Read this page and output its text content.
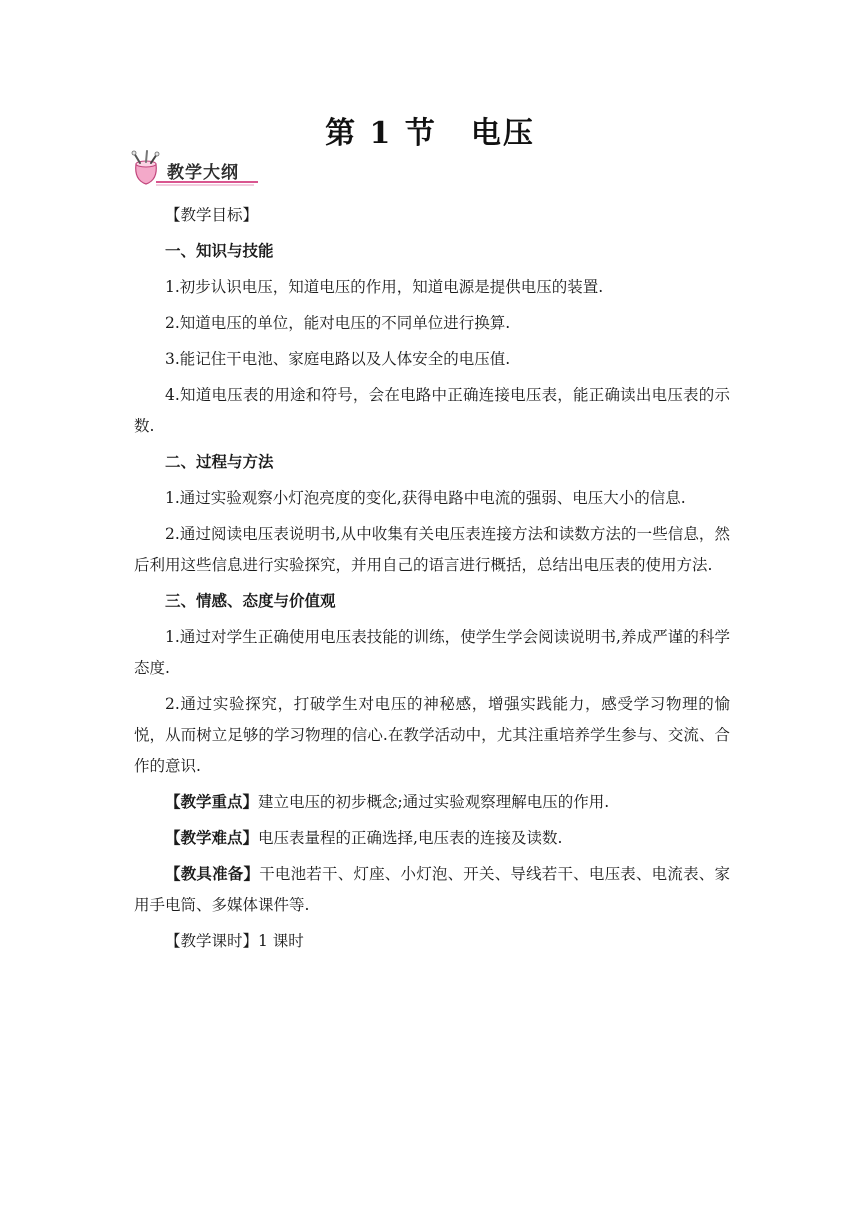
第 1 节 电压
教学大纲

【教学目标】

一、知识与技能

1.初步认识电压，知道电压的作用，知道电源是提供电压的装置.

2.知道电压的单位，能对电压的不同单位进行换算.

3.能记住干电池、家庭电路以及人体安全的电压值.

4.知道电压表的用途和符号，会在电路中正确连接电压表，能正确读出电压表的示数.

二、过程与方法

1.通过实验观察小灯泡亮度的变化,获得电路中电流的强弱、电压大小的信息.

2.通过阅读电压表说明书,从中收集有关电压表连接方法和读数方法的一些信息，然后利用这些信息进行实验探究，并用自己的语言进行概括，总结出电压表的使用方法.

三、情感、态度与价值观

1.通过对学生正确使用电压表技能的训练，使学生学会阅读说明书,养成严谨的科学态度.

2.通过实验探究，打破学生对电压的神秘感，增强实践能力，感受学习物理的愉悦，从而树立足够的学习物理的信心.在教学活动中，尤其注重培养学生参与、交流、合作的意识.

【教学重点】建立电压的初步概念;通过实验观察理解电压的作用.

【教学难点】电压表量程的正确选择,电压表的连接及读数.

【教具准备】干电池若干、灯座、小灯泡、开关、导线若干、电压表、电流表、家用手电筒、多媒体课件等.

【教学课时】1 课时
